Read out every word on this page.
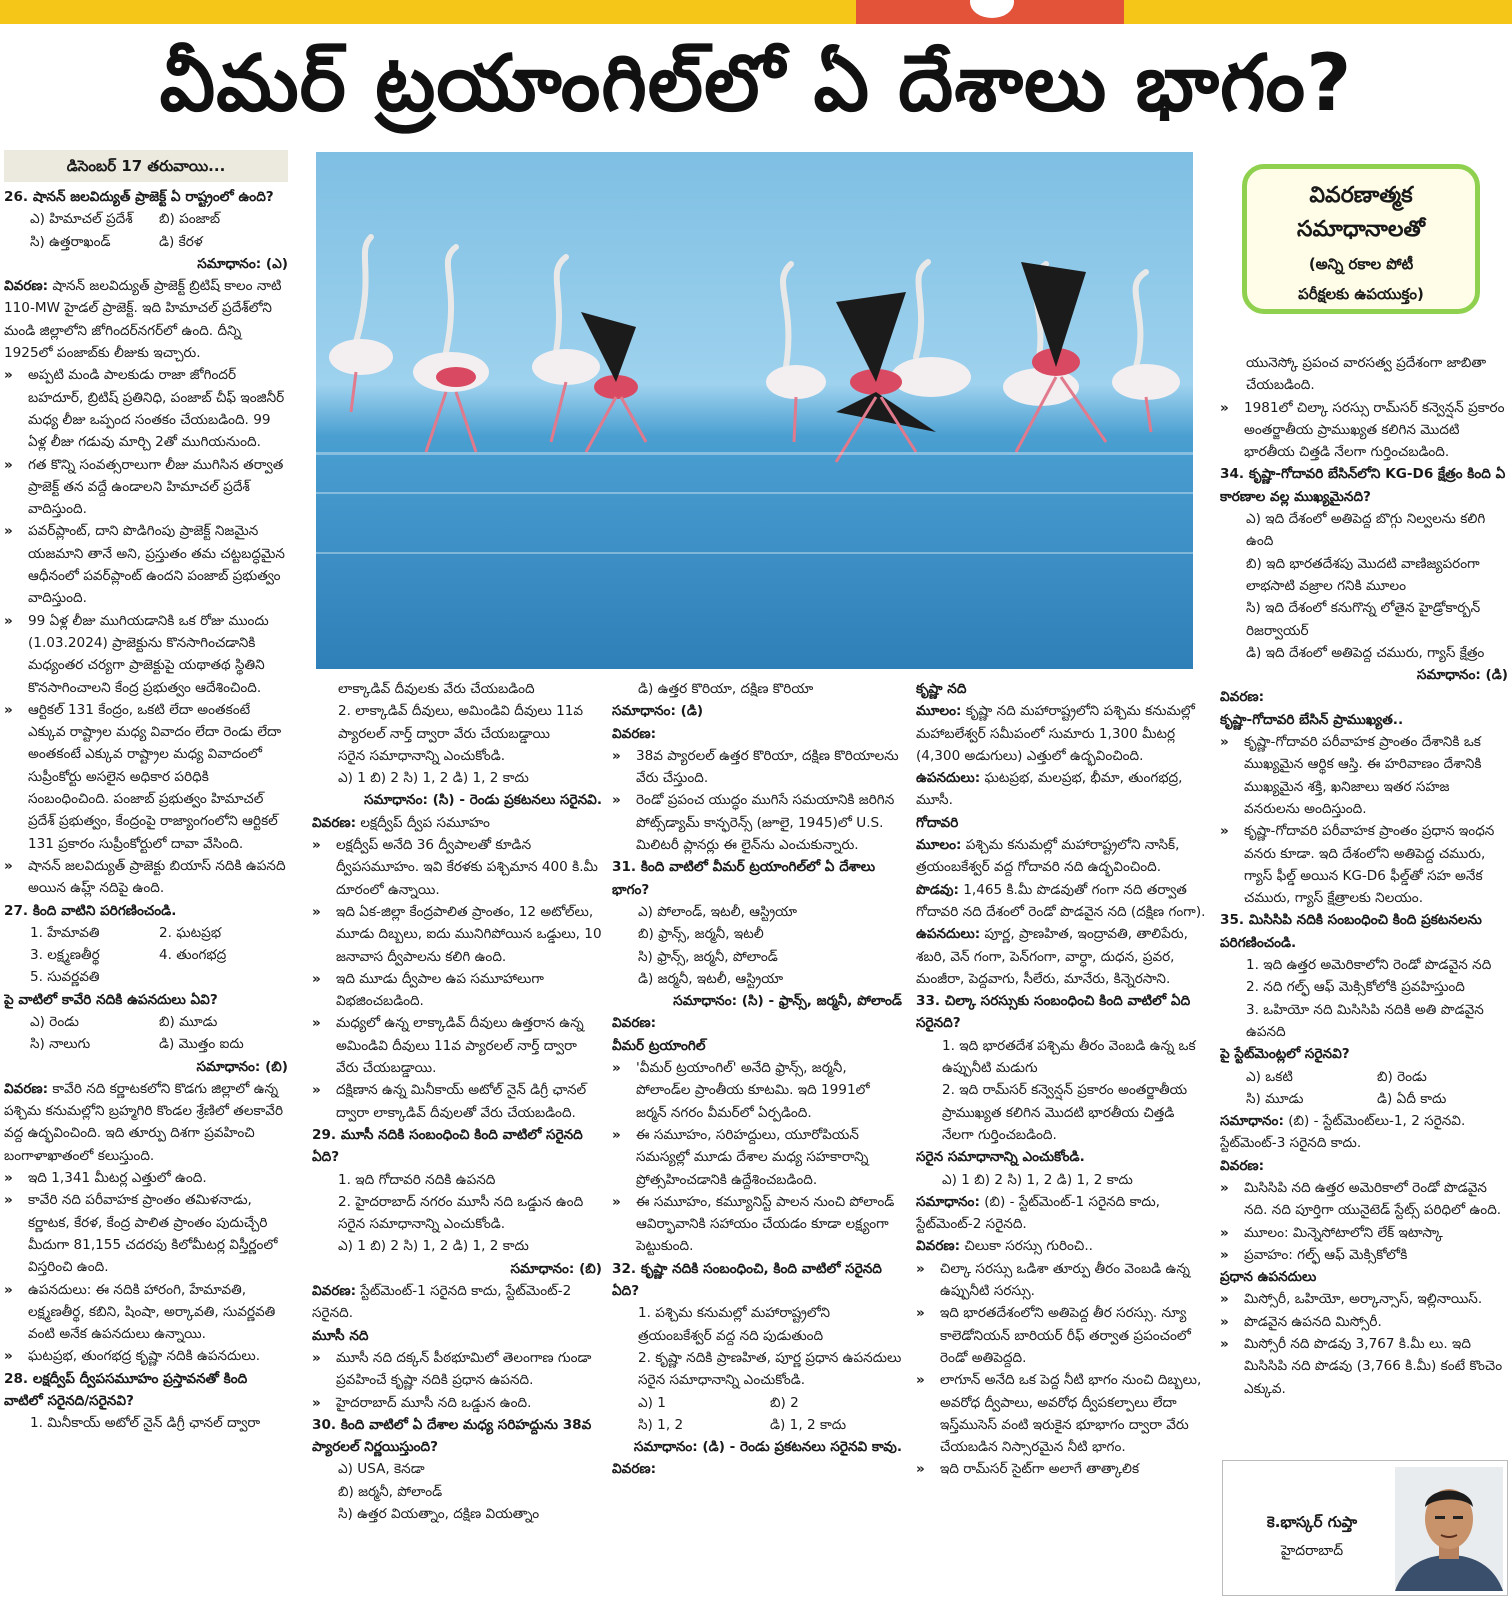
వీమర్ ట్రయాంగిల్‌లో ఏ దేశాలు భాగం?
డిసెంబర్ 17 తరువాయి...
వివరణాత్మక
సమాధానాలతో
(అన్ని రకాల పోటీ
పరీక్షలకు ఉపయుక్తం)

26. షానన్ జలవిద్యుత్ ప్రాజెక్ట్ ఏ రాష్ట్రంలో ఉంది?

ఎ) హిమాచల్ ప్రదేశ్	బి) పంజాబ్
సి) ఉత్తరాఖండ్	డి) కేరళ

సమాధానం: (ఎ)

వివరణ: షానన్ జలవిద్యుత్ ప్రాజెక్ట్ బ్రిటిష్ కాలం నాటి 110-MW హైడల్ ప్రాజెక్ట్. ఇది హిమాచల్ ప్రదేశ్‌లోని మండి జిల్లాలోని జోగిందర్‌నగర్‌లో ఉంది. దీన్ని 1925లో పంజాబ్‌కు లీజుకు ఇచ్చారు.

» అప్పటి మండి పాలకుడు రాజా జోగిందర్ బహదూర్, బ్రిటిష్ ప్రతినిధి, పంజాబ్ చీఫ్ ఇంజినీర్ మధ్య లీజు ఒప్పంద సంతకం చేయబడింది. 99 ఏళ్ల లీజు గడువు మార్చి 2తో ముగియనుంది.

» గత కొన్ని సంవత్సరాలుగా లీజు ముగిసిన తర్వాత ప్రాజెక్ట్ తన వద్దే ఉండాలని హిమాచల్ ప్రదేశ్ వాదిస్తుంది.

» పవర్‌ప్లాంట్, దాని పొడిగింపు ప్రాజెక్ట్ నిజమైన యజమాని తానే అని, ప్రస్తుతం తమ చట్టబద్ధమైన ఆధీనంలో పవర్‌ప్లాంట్ ఉందని పంజాబ్ ప్రభుత్వం వాదిస్తుంది.

» 99 ఏళ్ల లీజు ముగియడానికి ఒక రోజు ముందు (1.03.2024) ప్రాజెక్టును కొనసాగించడానికి మధ్యంతర చర్యగా ప్రాజెక్టుపై యథాతథ స్థితిని కొనసాగించాలని కేంద్ర ప్రభుత్వం ఆదేశించింది.

» ఆర్టికల్ 131 కేంద్రం, ఒకటి లేదా అంతకంటే ఎక్కువ రాష్ట్రాల మధ్య వివాదం లేదా రెండు లేదా అంతకంటే ఎక్కువ రాష్ట్రాల మధ్య వివాదంలో సుప్రీంకోర్టు అసలైన అధికార పరిధికి సంబంధించింది. పంజాబ్ ప్రభుత్వం హిమాచల్ ప్రదేశ్ ప్రభుత్వం, కేంద్రంపై రాజ్యాంగంలోని ఆర్టికల్ 131 ప్రకారం సుప్రీంకోర్టులో దావా వేసింది.

» షానన్ జలవిద్యుత్ ప్రాజెక్టు బియాస్ నదికి ఉపనది అయిన ఉహ్ల్ నదిపై ఉంది.

27. కింది వాటిని పరిగణించండి.

1. హేమావతి	2. ఘటప్రభ
3. లక్ష్మణతీర్థ	4. తుంగభద్ర

5. సువర్ణవతి

పై వాటిలో కావేరి నదికి ఉపనదులు ఏవి?

ఎ) రెండు	బి) మూడు
సి) నాలుగు	డి) మొత్తం ఐదు

సమాధానం: (బి)

వివరణ: కావేరి నది కర్ణాటకలోని కొడగు జిల్లాలో ఉన్న పశ్చిమ కనుమల్లోని బ్రహ్మగిరి కొండల శ్రేణిలో తలకావేరి వద్ద ఉద్భవించింది. ఇది తూర్పు దిశగా ప్రవహించి బంగాళాఖాతంలో కలుస్తుంది.

» ఇది 1,341 మీటర్ల ఎత్తులో ఉంది.

» కావేరి నది పరీవాహక ప్రాంతం తమిళనాడు, కర్ణాటక, కేరళ, కేంద్ర పాలిత ప్రాంతం పుదుచ్చేరి మీదుగా 81,155 చదరపు కిలోమీటర్ల విస్తీర్ణంలో విస్తరించి ఉంది.

» ఉపనదులు: ఈ నదికి హారంగి, హేమావతి, లక్ష్మణతీర్థ, కబిని, షింషా, అర్కావతి, సువర్ణవతి వంటి అనేక ఉపనదులు ఉన్నాయి.

» ఘటప్రభ, తుంగభద్ర కృష్ణా నదికి ఉపనదులు.

28. లక్షద్వీప్ ద్వీపసమూహం ప్రస్తావనతో కింది వాటిలో సరైనది/సరైనవి?

1. మినీకాయ్ అటోల్ నైన్ డిగ్రీ ఛానల్ ద్వారా

లాక్కాడివ్ దీవులకు వేరు చేయబడింది

2. లాక్కాడివ్ దీవులు, అమిండివి దీవులు 11వ ప్యారలల్ నార్త్ ద్వారా వేరు చేయబడ్డాయి

సరైన సమాధానాన్ని ఎంచుకోండి.

ఎ) 1 బి) 2 సి) 1, 2 డి) 1, 2 కాదు

సమాధానం: (సి) - రెండు ప్రకటనలు సరైనవి.

వివరణ: లక్షద్వీప్ ద్వీప సమూహం

» లక్షద్వీప్ అనేది 36 ద్వీపాలతో కూడిన ద్వీపసమూహం. ఇవి కేరళకు పశ్చిమాన 400 కి.మీ దూరంలో ఉన్నాయి.

» ఇది ఏక-జిల్లా కేంద్రపాలిత ప్రాంతం, 12 అటోల్‌లు, మూడు దిబ్బలు, ఐదు మునిగిపోయిన ఒడ్డులు, 10 జనావాస ద్వీపాలను కలిగి ఉంది.

» ఇది మూడు ద్వీపాల ఉప సమూహాలుగా విభజించబడింది.

» మధ్యలో ఉన్న లాక్కాడివ్ దీవులు ఉత్తరాన ఉన్న అమిండివి దీవులు 11వ ప్యారలల్ నార్త్ ద్వారా వేరు చేయబడ్డాయి.

» దక్షిణాన ఉన్న మినీకాయ్ అటోల్ నైన్ డిగ్రీ ఛానల్ ద్వారా లాక్కాడివ్ దీవులతో వేరు చేయబడింది.

29. మూసీ నదికి సంబంధించి కింది వాటిలో సరైనది ఏది?

1. ఇది గోదావరి నదికి ఉపనది

2. హైదరాబాద్ నగరం మూసీ నది ఒడ్డున ఉంది

సరైన సమాధానాన్ని ఎంచుకోండి.

ఎ) 1 బి) 2 సి) 1, 2 డి) 1, 2 కాదు

సమాధానం: (బి)

వివరణ: స్టేట్‌మెంట్-1 సరైనది కాదు, స్టేట్‌మెంట్-2 సరైనది.

మూసీ నది

» మూసీ నది దక్కన్ పీఠభూమిలో తెలంగాణ గుండా ప్రవహించే కృష్ణా నదికి ప్రధాన ఉపనది.

» హైదరాబాద్ మూసీ నది ఒడ్డున ఉంది.

30. కింది వాటిలో ఏ దేశాల మధ్య సరిహద్దును 38వ ప్యారలల్ నిర్ణయిస్తుంది?

ఎ) USA, కెనడా

బి) జర్మనీ, పోలాండ్

సి) ఉత్తర వియత్నాం, దక్షిణ వియత్నాం

డి) ఉత్తర కొరియా, దక్షిణ కొరియా

సమాధానం: (డి)

వివరణ:

» 38వ ప్యారలల్ ఉత్తర కొరియా, దక్షిణ కొరియాలను వేరు చేస్తుంది.

» రెండో ప్రపంచ యుద్ధం ముగిసే సమయానికి జరిగిన పోట్స్‌డ్యామ్ కాన్ఫరెన్స్ (జూలై, 1945)లో U.S. మిలిటరీ ప్లానర్లు ఈ లైన్‌ను ఎంచుకున్నారు.

31. కింది వాటిలో వీమర్ ట్రయాంగిల్‌లో ఏ దేశాలు భాగం?

ఎ) పోలాండ్, ఇటలీ, ఆస్ట్రియా

బి) ఫ్రాన్స్, జర్మనీ, ఇటలీ

సి) ఫ్రాన్స్, జర్మనీ, పోలాండ్

డి) జర్మనీ, ఇటలీ, ఆస్ట్రియా

సమాధానం: (సి) - ఫ్రాన్స్, జర్మనీ, పోలాండ్

వివరణ:

వీమర్ ట్రయాంగిల్

» 'వీమర్ ట్రయాంగిల్' అనేది ఫ్రాన్స్, జర్మనీ, పోలాండ్‌ల ప్రాంతీయ కూటమి. ఇది 1991లో జర్మన్ నగరం వీమర్‌లో ఏర్పడింది.

» ఈ సమూహం, సరిహద్దులు, యూరోపియన్ సమస్యల్లో మూడు దేశాల మధ్య సహకారాన్ని ప్రోత్సహించడానికి ఉద్దేశించబడింది.

» ఈ సమూహం, కమ్యూనిస్ట్ పాలన నుంచి పోలాండ్ ఆవిర్భావానికి సహాయం చేయడం కూడా లక్ష్యంగా పెట్టుకుంది.

32. కృష్ణా నదికి సంబంధించి, కింది వాటిలో సరైనది ఏది?

1. పశ్చిమ కనుమల్లో మహారాష్ట్రలోని త్రయంబకేశ్వర్ వద్ద నది పుడుతుంది

2. కృష్ణా నదికి ప్రాణహిత, పూర్ణ ప్రధాన ఉపనదులు

సరైన సమాధానాన్ని ఎంచుకోండి.

ఎ) 1	బి) 2
సి) 1, 2	డి) 1, 2 కాదు

సమాధానం: (డి) - రెండు ప్రకటనలు సరైనవి కావు.

వివరణ:

కృష్ణా నది

మూలం: కృష్ణా నది మహారాష్ట్రలోని పశ్చిమ కనుమల్లో మహాబలేశ్వర్ సమీపంలో సుమారు 1,300 మీటర్ల (4,300 అడుగులు) ఎత్తులో ఉద్భవించింది.

ఉపనదులు: ఘటప్రభ, మలప్రభ, భీమా, తుంగభద్ర, మూసీ.

గోదావరి

మూలం: పశ్చిమ కనుమల్లో మహారాష్ట్రలోని నాసిక్, త్రయంబకేశ్వర్ వద్ద గోదావరి నది ఉద్భవించింది.

పొడవు: 1,465 కి.మీ పొడవుతో గంగా నది తర్వాత గోదావరి నది దేశంలో రెండో పొడవైన నది (దక్షిణ గంగా).

ఉపనదులు: పూర్ణ, ప్రాణహిత, ఇంద్రావతి, తాలిపేరు, శబరి, వెన్ గంగా, పెన్‌గంగా, వార్ధా, దుధన, ప్రవర, మంజీరా, పెద్దవాగు, సీలేరు, మానేరు, కిన్నెరసాని.

33. చిల్కా సరస్సుకు సంబంధించి కింది వాటిలో ఏది సరైనది?

1. ఇది భారతదేశ పశ్చిమ తీరం వెంబడి ఉన్న ఒక ఉప్పునీటి మడుగు

2. ఇది రామ్‌సర్ కన్వెన్షన్ ప్రకారం అంతర్జాతీయ ప్రాముఖ్యత కలిగిన మొదటి భారతీయ చిత్తడి నేలగా గుర్తించబడింది.

సరైన సమాధానాన్ని ఎంచుకోండి.

ఎ) 1 బి) 2 సి) 1, 2 డి) 1, 2 కాదు

సమాధానం: (బి) - స్టేట్‌మెంట్-1 సరైనది కాదు, స్టేట్‌మెంట్-2 సరైనది.

వివరణ: చిలుకా సరస్సు గురించి..

» చిల్కా సరస్సు ఒడిశా తూర్పు తీరం వెంబడి ఉన్న ఉప్పునీటి సరస్సు.

» ఇది భారతదేశంలోని అతిపెద్ద తీర సరస్సు. న్యూ కాలెడోనియన్ బారియర్ రీఫ్ తర్వాత ప్రపంచంలో రెండో అతిపెద్దది.

» లాగూన్ అనేది ఒక పెద్ద నీటి భాగం నుంచి దిబ్బలు, అవరోధ ద్వీపాలు, అవరోధ ద్వీపకల్పాలు లేదా ఇస్త్‌ముసెస్ వంటి ఇరుకైన భూభాగం ద్వారా వేరు చేయబడిన నిస్సారమైన నీటి భాగం.

» ఇది రామ్‌సర్ సైట్‌గా అలాగే తాత్కాలిక

యునెస్కో ప్రపంచ వారసత్వ ప్రదేశంగా జాబితా చేయబడింది.

» 1981లో చిల్కా సరస్సు రామ్‌సర్ కన్వెన్షన్ ప్రకారం అంతర్జాతీయ ప్రాముఖ్యత కలిగిన మొదటి భారతీయ చిత్తడి నేలగా గుర్తించబడింది.

34. కృష్ణా-గోదావరి బేసిన్‌లోని KG-D6 క్షేత్రం కింది ఏ కారణాల వల్ల ముఖ్యమైనది?

ఎ) ఇది దేశంలో అతిపెద్ద బొగ్గు నిల్వలను కలిగి ఉంది

బి) ఇది భారతదేశపు మొదటి వాణిజ్యపరంగా లాభసాటి వజ్రాల గనికి మూలం

సి) ఇది దేశంలో కనుగొన్న లోతైన హైడ్రోకార్బన్ రిజర్వాయర్

డి) ఇది దేశంలో అతిపెద్ద చమురు, గ్యాస్ క్షేత్రం

సమాధానం: (డి)

వివరణ:

కృష్ణా-గోదావరి బేసిన్ ప్రాముఖ్యత..

» కృష్ణా-గోదావరి పరీవాహక ప్రాంతం దేశానికి ఒక ముఖ్యమైన ఆర్థిక ఆస్తి. ఈ హరివాణం దేశానికి ముఖ్యమైన శక్తి, ఖనిజాలు ఇతర సహజ వనరులను అందిస్తుంది.

» కృష్ణా-గోదావరి పరీవాహక ప్రాంతం ప్రధాన ఇంధన వనరు కూడా. ఇది దేశంలోని అతిపెద్ద చమురు, గ్యాస్ ఫీల్డ్ అయిన KG-D6 ఫీల్డ్‌తో సహ అనేక చమురు, గ్యాస్ క్షేత్రాలకు నిలయం.

35. మిసిసిపి నదికి సంబంధించి కింది ప్రకటనలను పరిగణించండి.

1. ఇది ఉత్తర అమెరికాలోని రెండో పొడవైన నది

2. నది గల్ఫ్ ఆఫ్ మెక్సికోలోకి ప్రవహిస్తుంది

3. ఒహియో నది మిసిసిపి నదికి అతి పొడవైన ఉపనది

పై స్టేట్‌మెంట్లలో సరైనవి?

ఎ) ఒకటి	బి) రెండు
సి) మూడు	డి) ఏదీ కాదు

సమాధానం: (బి) - స్టేట్‌మెంట్‌లు-1, 2 సరైనవి. స్టేట్‌మెంట్-3 సరైనది కాదు.

వివరణ:

» మిసిసిపి నది ఉత్తర అమెరికాలో రెండో పొడవైన నది. నది పూర్తిగా యునైటెడ్ స్టేట్స్ పరిధిలో ఉంది.

» మూలం: మిన్నెసోటాలోని లేక్ ఇటాస్కా

» ప్రవాహం: గల్ఫ్ ఆఫ్ మెక్సికోలోకి

ప్రధాన ఉపనదులు

» మిస్సోరీ, ఒహియో, అర్కాన్సాస్, ఇల్లినాయిస్.

» పొడవైన ఉపనది మిస్సోరీ.

» మిస్సోరీ నది పొడవు 3,767 కి.మీ లు. ఇది మిసిసిపి నది పొడవు (3,766 కి.మీ) కంటే కొంచెం ఎక్కువ.

కె.భాస్కర్ గుప్తా
హైదరాబాద్
